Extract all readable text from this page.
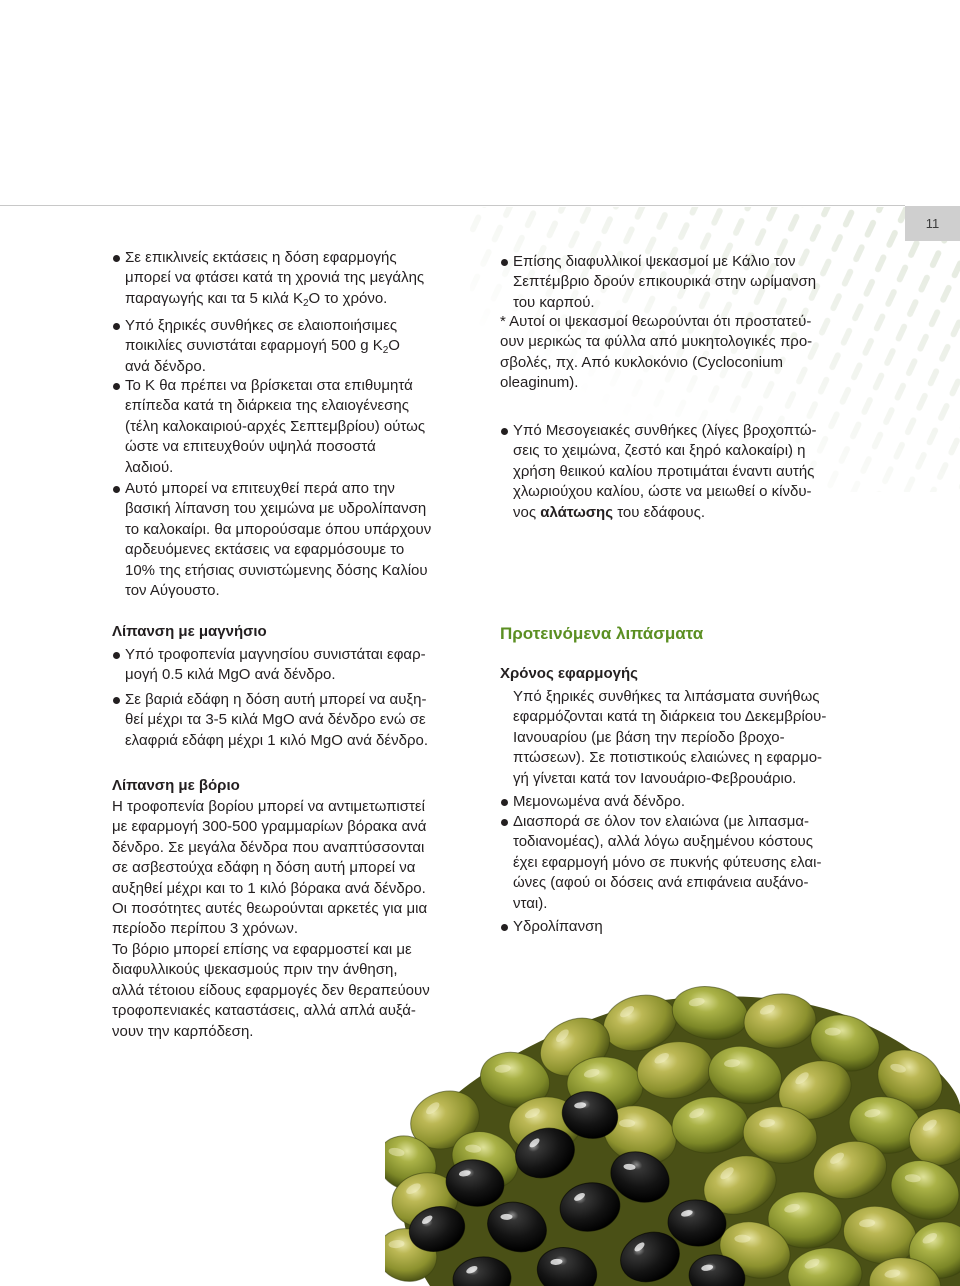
11
Σε επικλινείς εκτάσεις η δόση εφαρμογής
μπορεί να φτάσει κατά τη χρονιά της μεγάλης
παραγωγής και τα 5 κιλά $K_2O$ το χρόνο.
Υπό ξηρικές συνθήκες σε ελαιοποιήσιμες
ποικιλίες συνιστάται εφαρμογή 500 g $K_2O$
ανά δένδρο.
Το K θα πρέπει να βρίσκεται στα επιθυμητά
επίπεδα κατά τη διάρκεια της ελαιογένεσης
(τέλη καλοκαιριού-αρχές Σεπτεμβρίου) ούτως
ώστε να επιτευχθούν υψηλά ποσοστά
λαδιού.
Αυτό μπορεί να επιτευχθεί περά απο την
βασική λίπανση του χειμώνα με υδρολίπανση
το καλοκαίρι. θα μπορούσαμε όπου υπάρχουν
αρδευόμενες εκτάσεις να εφαρμόσουμε το
10% της ετήσιας συνιστώμενης δόσης Καλίου
τον Αύγουστο.
Λίπανση με μαγνήσιο
Υπό τροφοπενία μαγνησίου συνιστάται εφαρ-
μογή 0.5 κιλά MgO ανά δένδρο.
Σε βαριά εδάφη η δόση αυτή μπορεί να αυξη-
θεί μέχρι τα 3-5 κιλά MgO ανά δένδρο ενώ σε
ελαφριά εδάφη μέχρι 1 κιλό MgO ανά δένδρο.
Λίπανση με βόριο
Η τροφοπενία βορίου μπορεί να αντιμετωπιστεί
με εφαρμογή 300-500 γραμμαρίων βόρακα ανά
δένδρο. Σε μεγάλα δένδρα που αναπτύσσονται
σε ασβεστούχα εδάφη η δόση αυτή μπορεί να
αυξηθεί μέχρι και το 1 κιλό βόρακα ανά δένδρο.
Οι ποσότητες αυτές θεωρούνται αρκετές για μια
περίοδο περίπου 3 χρόνων.
Το βόριο μπορεί επίσης να εφαρμοστεί και με
διαφυλλικούς ψεκασμούς πριν την άνθηση,
αλλά τέτοιου είδους εφαρμογές δεν θεραπεύουν
τροφοπενιακές καταστάσεις, αλλά απλά αυξά-
νουν την καρπόδεση.
Επίσης διαφυλλικοί ψεκασμοί με Κάλιο τον
Σεπτέμβριο δρούν επικουρικά στην ωρίμανση
του καρπού.
* Αυτοί οι ψεκασμοί θεωρούνται ότι προστατεύ-
ουν μερικώς τα φύλλα από μυκητολογικές προ-
σβολές, πχ. Από κυκλοκόνιο (Cycloconium
oleaginum).
Υπό Μεσογειακές συνθήκες (λίγες βροχοπτώ-
σεις το χειμώνα, ζεστό και ξηρό καλοκαίρι) η
χρήση θειικού καλίου προτιμάται έναντι αυτής
χλωριούχου καλίου, ώστε να μειωθεί ο κίνδυ-
νος αλάτωσης του εδάφους.
Προτεινόμενα λιπάσματα
Χρόνος εφαρμογής
Υπό ξηρικές συνθήκες τα λιπάσματα συνήθως
εφαρμόζονται κατά τη διάρκεια του Δεκεμβρίου-
Ιανουαρίου (με βάση την περίοδο βροχο-
πτώσεων). Σε ποτιστικούς ελαιώνες η εφαρμο-
γή γίνεται κατά τον Ιανουάριο-Φεβρουάριο.
Μεμονωμένα ανά δένδρο.
Διασπορά σε όλον τον ελαιώνα (με λιπασμα-
τοδιανομέας), αλλά λόγω αυξημένου κόστους
έχει εφαρμογή μόνο σε πυκνής φύτευσης ελαι-
ώνες (αφού οι δόσεις ανά επιφάνεια αυξάνο-
νται).
Υδρολίπανση
